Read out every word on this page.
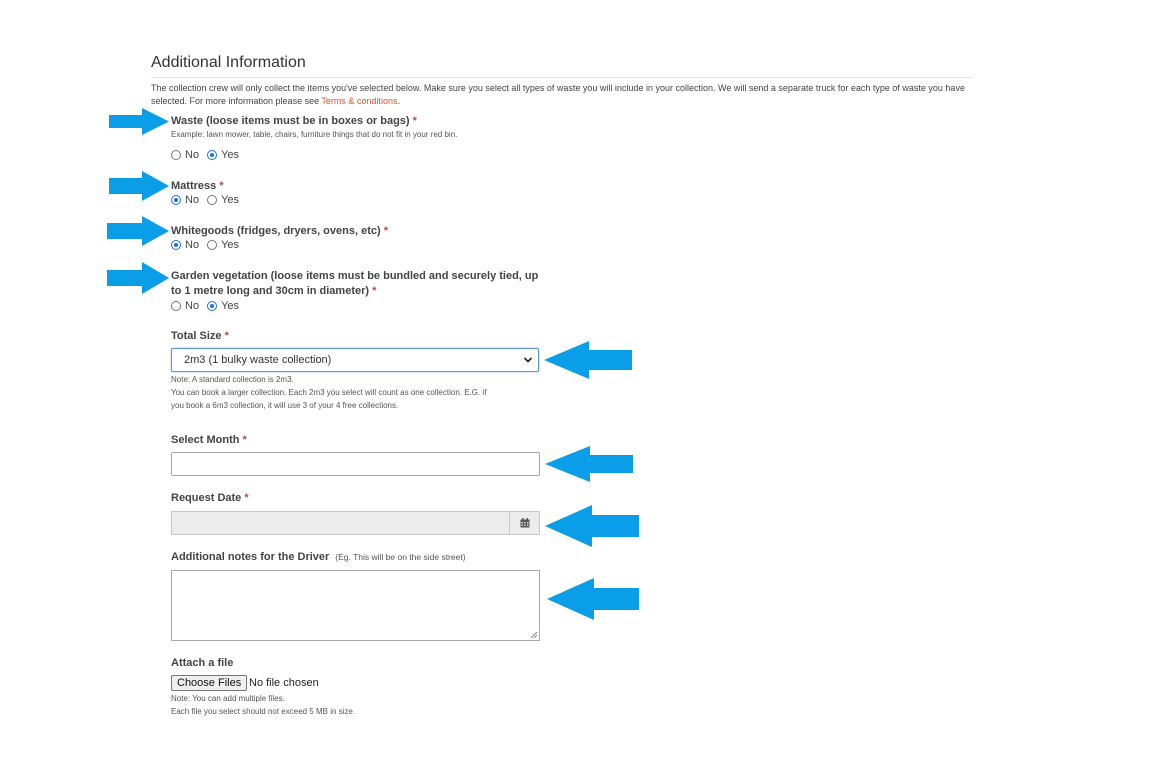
Additional Information
The collection crew will only collect the items you've selected below. Make sure you select all types of waste you will include in your collection. We will send a separate truck for each type of waste you have selected. For more information please see Terms & conditions.
Waste (loose items must be in boxes or bags) *
Example: lawn mower, table, chairs, furniture things that do not fit in your red bin.
No Yes
Mattress *
No Yes
Whitegoods (fridges, dryers, ovens, etc) *
No Yes
Garden vegetation (loose items must be bundled and securely tied, up
to 1 metre long and 30cm in diameter) *
No Yes
Total Size *
2m3 (1 bulky waste collection)
Note: A standard collection is 2m3.
You can book a larger collection. Each 2m3 you select will count as one collection. E.G. if
you book a 6m3 collection, it will use 3 of your 4 free collections.
Select Month *
Request Date *
Additional notes for the Driver (Eg. This will be on the side street)
Attach a file
Choose Files No file chosen
Note: You can add multiple files.
Each file you select should not exceed 5 MB in size.
